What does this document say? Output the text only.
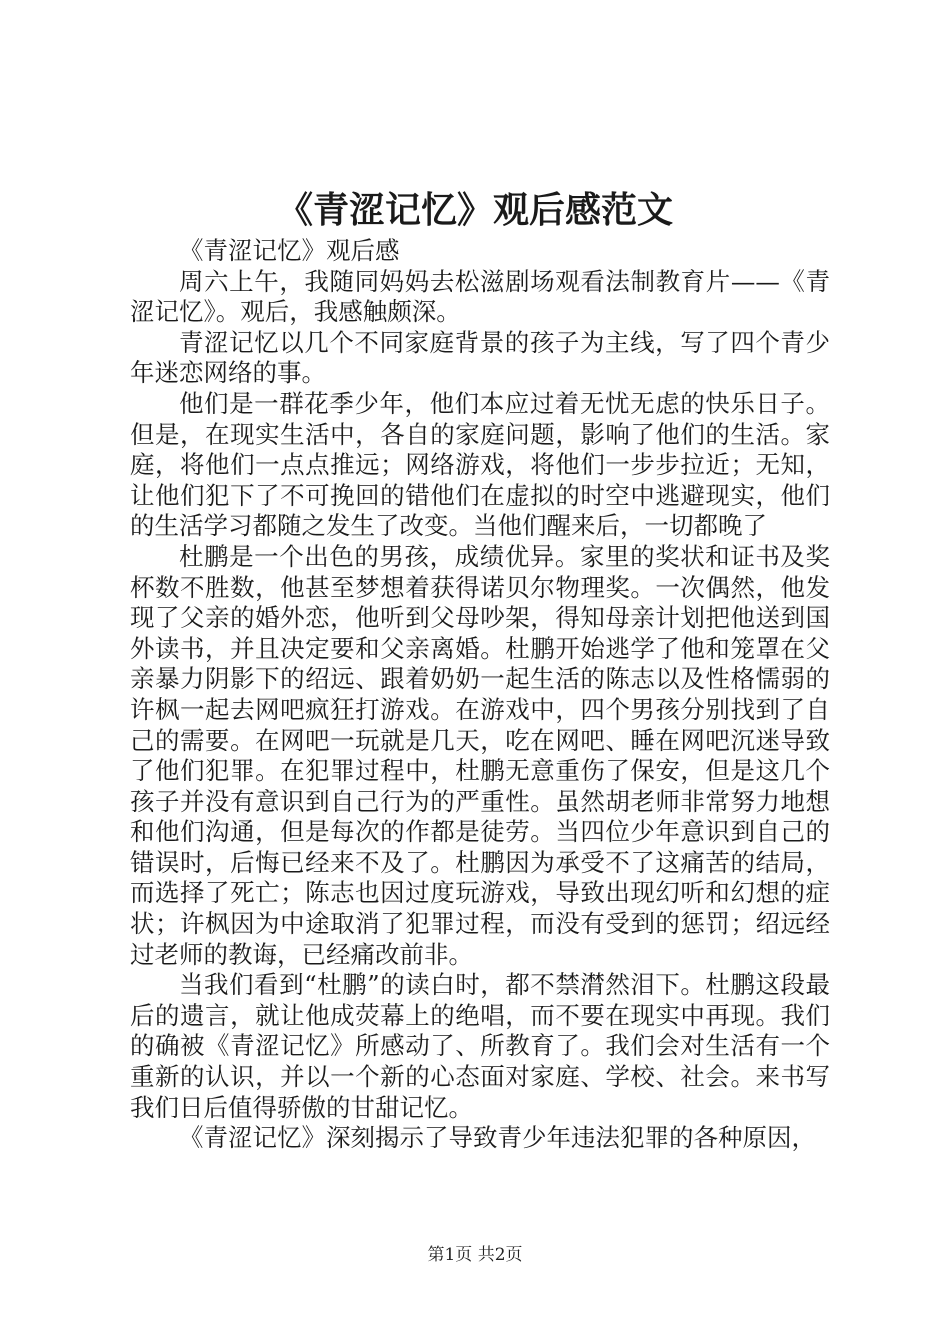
《青涩记忆》观后感范文

《青涩记忆》观后感

周六上午，我随同妈妈去松滋剧场观看法制教育片——《青涩记忆》。观后，我感触颇深。

青涩记忆以几个不同家庭背景的孩子为主线，写了四个青少年迷恋网络的事。

他们是一群花季少年，他们本应过着无忧无虑的快乐日子。但是，在现实生活中，各自的家庭问题，影响了他们的生活。家庭，将他们一点点推远；网络游戏，将他们一步步拉近；无知，让他们犯下了不可挽回的错他们在虚拟的时空中逃避现实，他们的生活学习都随之发生了改变。当他们醒来后，一切都晚了

杜鹏是一个出色的男孩，成绩优异。家里的奖状和证书及奖杯数不胜数，他甚至梦想着获得诺贝尔物理奖。一次偶然，他发现了父亲的婚外恋，他听到父母吵架，得知母亲计划把他送到国外读书，并且决定要和父亲离婚。杜鹏开始逃学了他和笼罩在父亲暴力阴影下的绍远、跟着奶奶一起生活的陈志以及性格懦弱的许枫一起去网吧疯狂打游戏。在游戏中，四个男孩分别找到了自己的需要。在网吧一玩就是几天，吃在网吧、睡在网吧沉迷导致了他们犯罪。在犯罪过程中，杜鹏无意重伤了保安，但是这几个孩子并没有意识到自己行为的严重性。虽然胡老师非常努力地想和他们沟通，但是每次的作都是徒劳。当四位少年意识到自己的错误时，后悔已经来不及了。杜鹏因为承受不了这痛苦的结局，而选择了死亡；陈志也因过度玩游戏，导致出现幻听和幻想的症状；许枫因为中途取消了犯罪过程，而没有受到的惩罚；绍远经过老师的教诲，已经痛改前非。

当我们看到“杜鹏”的读白时，都不禁潸然泪下。杜鹏这段最后的遗言，就让他成荧幕上的绝唱，而不要在现实中再现。我们的确被《青涩记忆》所感动了、所教育了。我们会对生活有一个重新的认识，并以一个新的心态面对家庭、学校、社会。来书写我们日后值得骄傲的甘甜记忆。

《青涩记忆》深刻揭示了导致青少年违法犯罪的各种原因，

第1页 共2页
